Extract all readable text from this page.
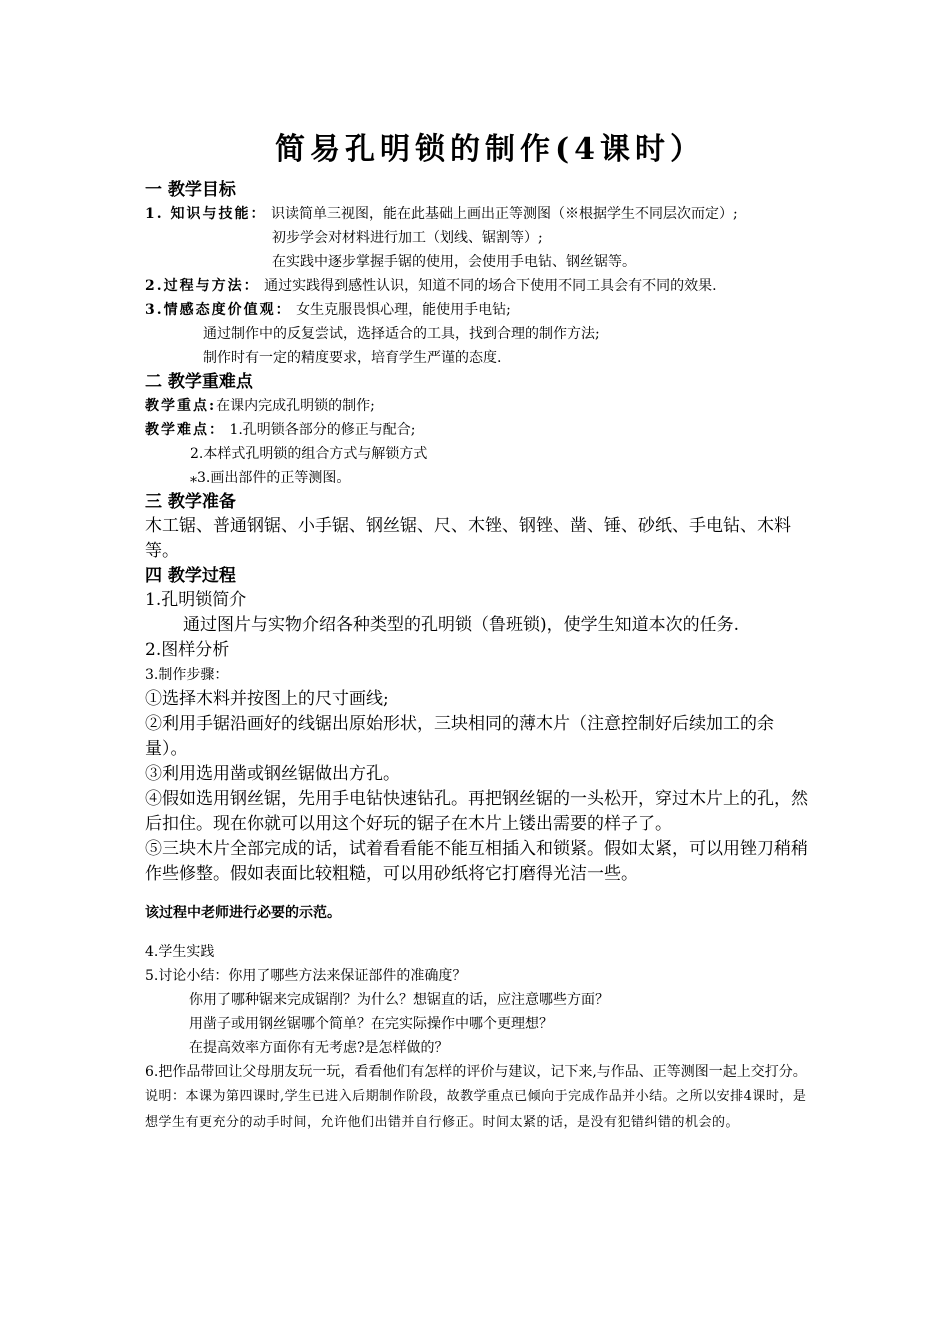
简易孔明锁的制作(4课时）
一 教学目标

1. 知识与技能： 识读简单三视图，能在此基础上画出正等测图（※根据学生不同层次而定）;

初步学会对材料进行加工（划线、锯割等）;

在实践中逐步掌握手锯的使用，会使用手电钻、钢丝锯等。

2.过程与方法： 通过实践得到感性认识，知道不同的场合下使用不同工具会有不同的效果.

3.情感态度价值观： 女生克服畏惧心理，能使用手电钻;

通过制作中的反复尝试，选择适合的工具，找到合理的制作方法;

制作时有一定的精度要求，培育学生严谨的态度.

二 教学重难点

教学重点:在课内完成孔明锁的制作;

教学难点： 1.孔明锁各部分的修正与配合;

2.本样式孔明锁的组合方式与解锁方式

⁎3.画出部件的正等测图。

三 教学准备

木工锯、普通钢锯、小手锯、钢丝锯、尺、木锉、钢锉、凿、锤、砂纸、手电钻、木料等。

四 教学过程

1.孔明锁简介

通过图片与实物介绍各种类型的孔明锁（鲁班锁)，使学生知道本次的任务.

2.图样分析

3.制作步骤：

①选择木料并按图上的尺寸画线;

②利用手锯沿画好的线锯出原始形状，三块相同的薄木片（注意控制好后续加工的余量）。

③利用选用凿或钢丝锯做出方孔。

④假如选用钢丝锯，先用手电钻快速钻孔。再把钢丝锯的一头松开，穿过木片上的孔，然后扣住。现在你就可以用这个好玩的锯子在木片上镂出需要的样子了。

⑤三块木片全部完成的话，试着看看能不能互相插入和锁紧。假如太紧，可以用锉刀稍稍作些修整。假如表面比较粗糙，可以用砂纸将它打磨得光洁一些。

该过程中老师进行必要的示范。

4.学生实践

5.讨论小结：你用了哪些方法来保证部件的准确度？

你用了哪种锯来完成锯削？为什么？想锯直的话，应注意哪些方面？

用凿子或用钢丝锯哪个简单？在完实际操作中哪个更理想？

在提高效率方面你有无考虑?是怎样做的？

6.把作品带回让父母朋友玩一玩，看看他们有怎样的评价与建议，记下来,与作品、正等测图一起上交打分。

说明：本课为第四课时,学生已进入后期制作阶段，故教学重点已倾向于完成作品并小结。之所以安排4课时，是想学生有更充分的动手时间，允许他们出错并自行修正。时间太紧的话，是没有犯错纠错的机会的。
